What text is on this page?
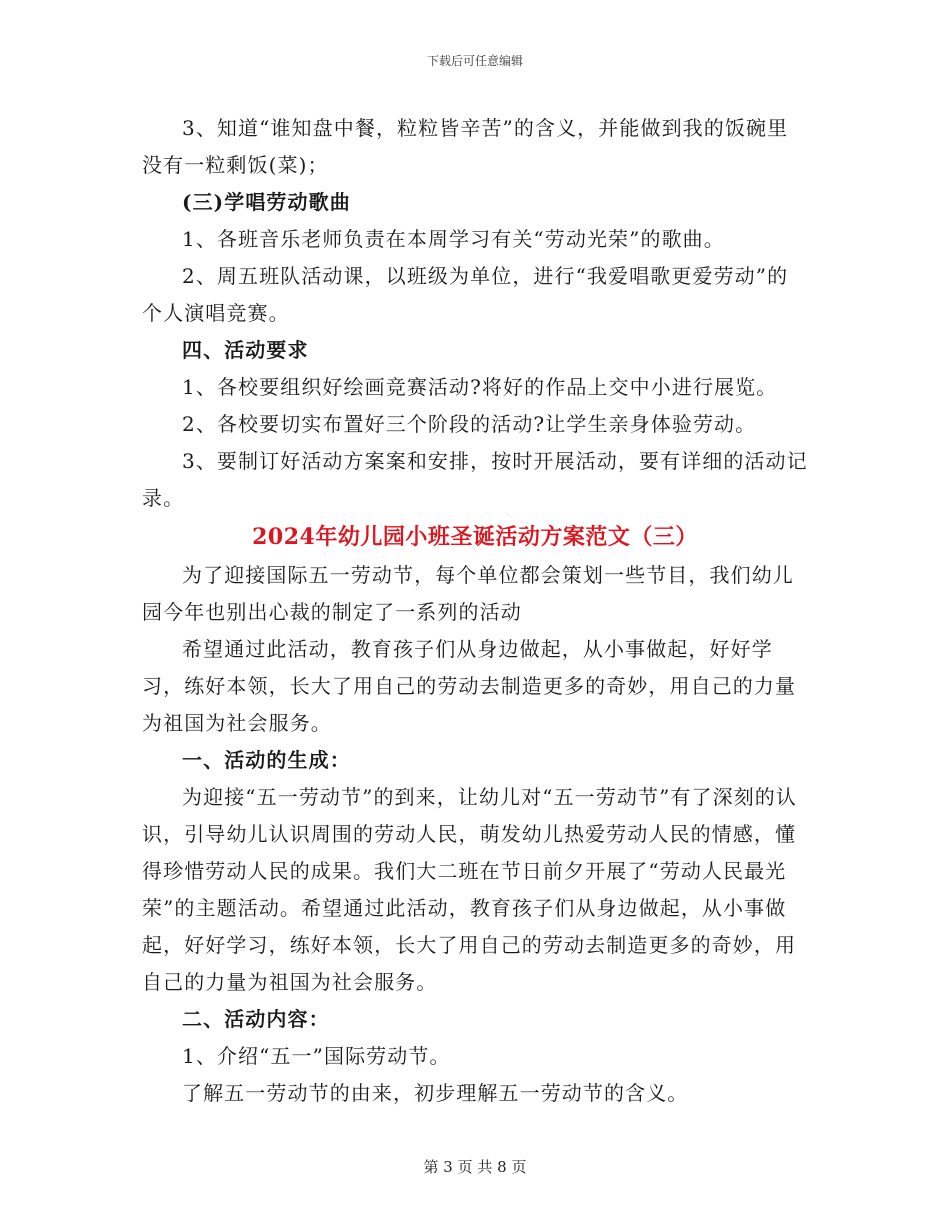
下载后可任意编辑

3、知道“谁知盘中餐，粒粒皆辛苦”的含义，并能做到我的饭碗里没有一粒剩饭(菜)；

(三)学唱劳动歌曲

1、各班音乐老师负责在本周学习有关“劳动光荣”的歌曲。

2、周五班队活动课，以班级为单位，进行“我爱唱歌更爱劳动”的个人演唱竞赛。

四、活动要求

1、各校要组织好绘画竞赛活动?将好的作品上交中小进行展览。

2、各校要切实布置好三个阶段的活动?让学生亲身体验劳动。

3、要制订好活动方案案和安排，按时开展活动，要有详细的活动记录。

2024年幼儿园小班圣诞活动方案范文（三）

为了迎接国际五一劳动节，每个单位都会策划一些节目，我们幼儿园今年也别出心裁的制定了一系列的活动

希望通过此活动，教育孩子们从身边做起，从小事做起，好好学习，练好本领，长大了用自己的劳动去制造更多的奇妙，用自己的力量为祖国为社会服务。

一、活动的生成：

为迎接“五一劳动节”的到来，让幼儿对“五一劳动节”有了深刻的认识，引导幼儿认识周围的劳动人民，萌发幼儿热爱劳动人民的情感，懂得珍惜劳动人民的成果。我们大二班在节日前夕开展了“劳动人民最光荣”的主题活动。希望通过此活动，教育孩子们从身边做起，从小事做起，好好学习，练好本领，长大了用自己的劳动去制造更多的奇妙，用自己的力量为祖国为社会服务。

二、活动内容：

1、介绍“五一”国际劳动节。

了解五一劳动节的由来，初步理解五一劳动节的含义。

第 3 页 共 8 页
